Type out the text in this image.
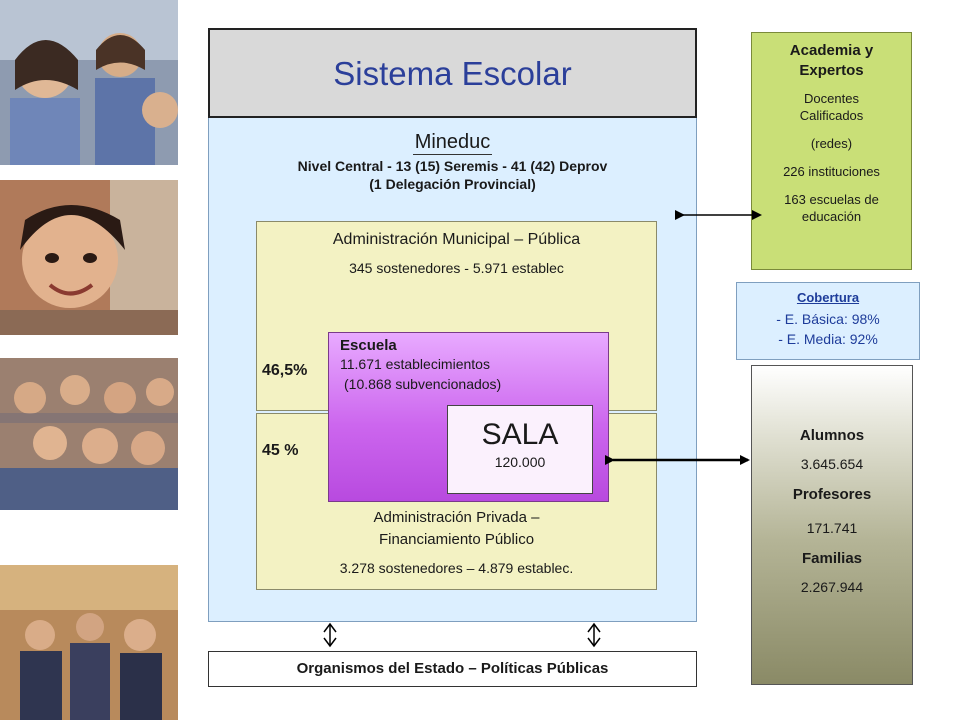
Sistema Escolar
Mineduc
Nivel Central - 13 (15) Seremis - 41 (42) Deprov
(1 Delegación Provincial)
Administración Municipal – Pública
345 sostenedores - 5.971 establec
46,5%
Administración Privada –
Financiamiento Público
3.278 sostenedores – 4.879 establec.
45 %
Escuela
11.671 establecimientos
(10.868 subvencionados)
SALA
120.000
Organismos del Estado – Políticas Públicas
Academia y
Expertos
Docentes
Calificados
(redes)
226 instituciones
163 escuelas de
educación
Cobertura
- E. Básica: 98%
- E. Media: 92%
Alumnos
3.645.654
Profesores
171.741
Familias
2.267.944
